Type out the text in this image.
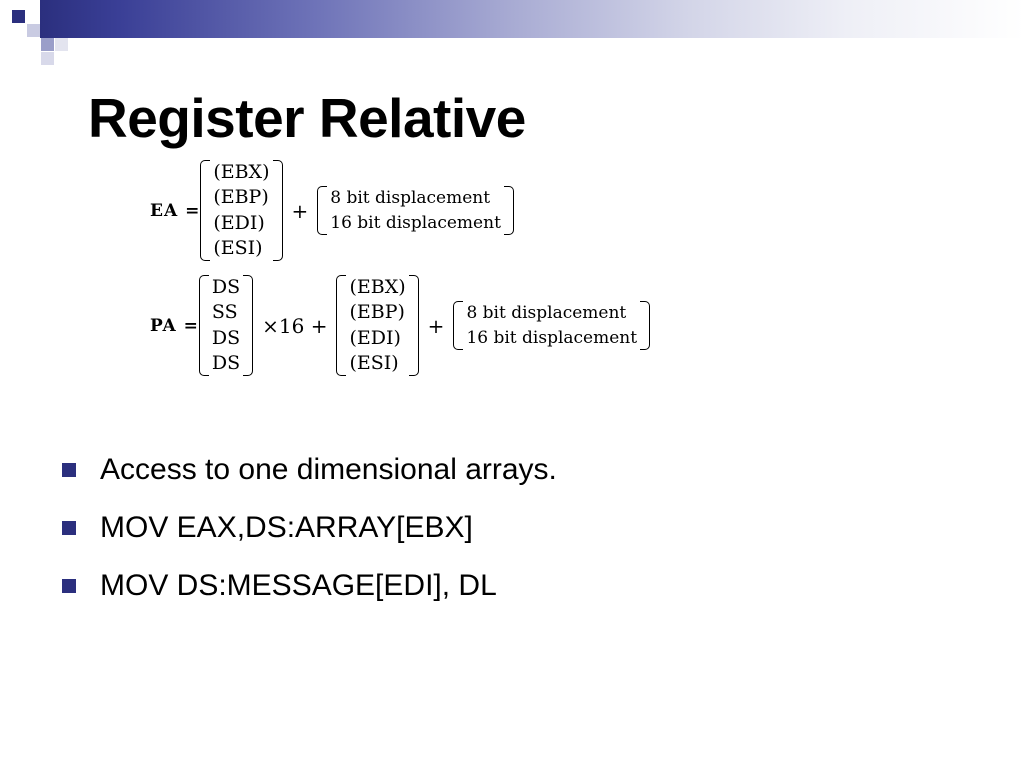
Register Relative
EA =
(EBX)
(EBP)
(EDI)
(ESI)
+
8 bit displacement
16 bit displacement
PA =
DS
SS
DS
DS
×16 +
(EBX)
(EBP)
(EDI)
(ESI)
+
8 bit displacement
16 bit displacement
Access to one dimensional arrays.
MOV EAX,DS:ARRAY[EBX]
MOV DS:MESSAGE[EDI], DL
